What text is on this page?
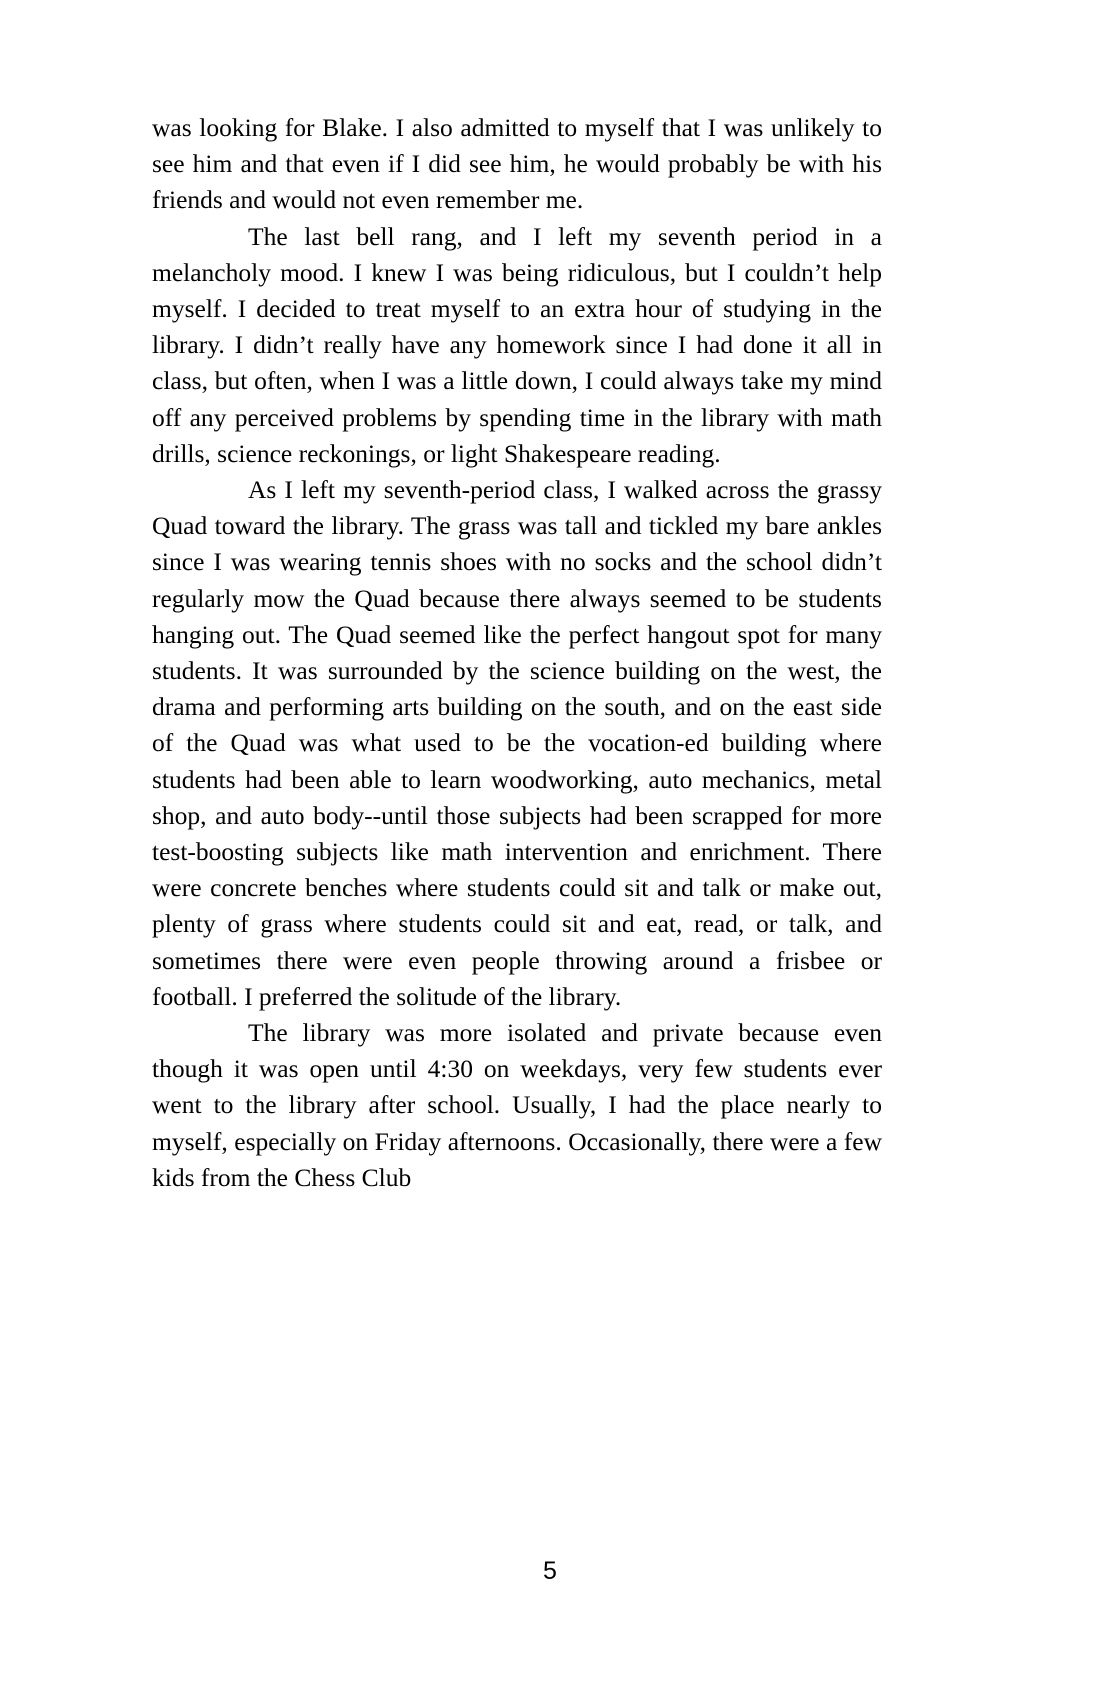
was looking for Blake. I also admitted to myself that I was unlikely to see him and that even if I did see him, he would probably be with his friends and would not even remember me.

The last bell rang, and I left my seventh period in a melancholy mood. I knew I was being ridiculous, but I couldn’t help myself. I decided to treat myself to an extra hour of studying in the library. I didn’t really have any homework since I had done it all in class, but often, when I was a little down, I could always take my mind off any perceived problems by spending time in the library with math drills, science reckonings, or light Shakespeare reading.

As I left my seventh-period class, I walked across the grassy Quad toward the library. The grass was tall and tickled my bare ankles since I was wearing tennis shoes with no socks and the school didn’t regularly mow the Quad because there always seemed to be students hanging out. The Quad seemed like the perfect hangout spot for many students. It was surrounded by the science building on the west, the drama and performing arts building on the south, and on the east side of the Quad was what used to be the vocation-ed building where students had been able to learn woodworking, auto mechanics, metal shop, and auto body--until those subjects had been scrapped for more test-boosting subjects like math intervention and enrichment. There were concrete benches where students could sit and talk or make out, plenty of grass where students could sit and eat, read, or talk, and sometimes there were even people throwing around a frisbee or football. I preferred the solitude of the library.

The library was more isolated and private because even though it was open until 4:30 on weekdays, very few students ever went to the library after school. Usually, I had the place nearly to myself, especially on Friday afternoons. Occasionally, there were a few kids from the Chess Club

5
